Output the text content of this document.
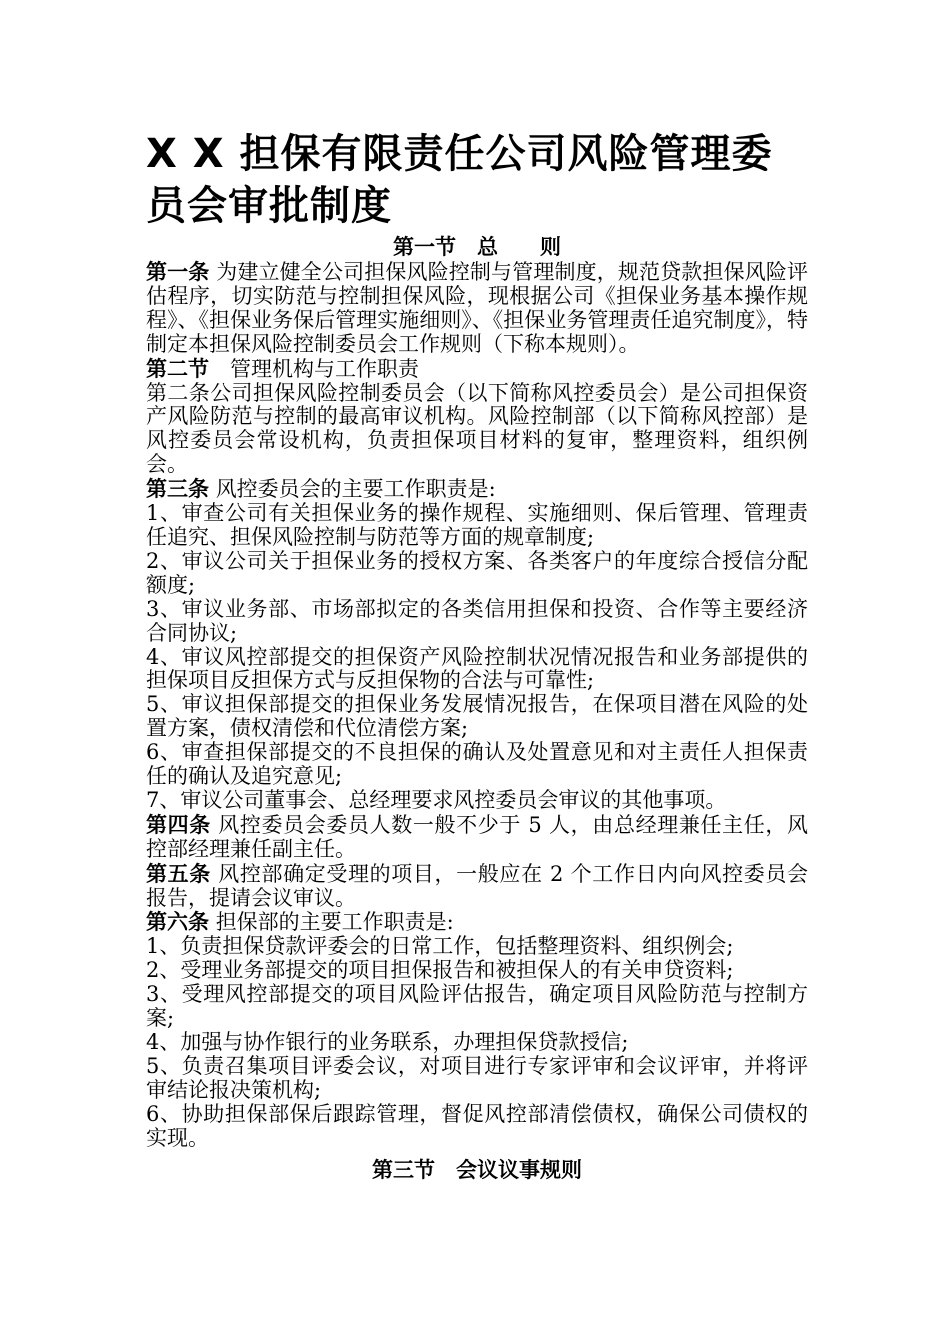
X X 担保有限责任公司风险管理委员会审批制度
第一节　总　　则

第一条 为建立健全公司担保风险控制与管理制度，规范贷款担保风险评估程序，切实防范与控制担保风险，现根据公司《担保业务基本操作规程》、《担保业务保后管理实施细则》、《担保业务管理责任追究制度》，特制定本担保风险控制委员会工作规则（下称本规则）。

第二节　 管理机构与工作职责

第二条公司担保风险控制委员会（以下简称风控委员会）是公司担保资产风险防范与控制的最高审议机构。风险控制部（以下简称风控部）是风控委员会常设机构，负责担保项目材料的复审，整理资料，组织例会。

第三条 风控委员会的主要工作职责是:

1、审查公司有关担保业务的操作规程、实施细则、保后管理、管理责任追究、担保风险控制与防范等方面的规章制度;

2、审议公司关于担保业务的授权方案、各类客户的年度综合授信分配额度;

3、审议业务部、市场部拟定的各类信用担保和投资、合作等主要经济合同协议;

4、审议风控部提交的担保资产风险控制状况情况报告和业务部提供的担保项目反担保方式与反担保物的合法与可靠性;

5、审议担保部提交的担保业务发展情况报告，在保项目潜在风险的处置方案，债权清偿和代位清偿方案;

6、审查担保部提交的不良担保的确认及处置意见和对主责任人担保责任的确认及追究意见;

7、审议公司董事会、总经理要求风控委员会审议的其他事项。

第四条 风控委员会委员人数一般不少于 5 人，由总经理兼任主任，风控部经理兼任副主任。

第五条 风控部确定受理的项目，一般应在 2 个工作日内向风控委员会报告，提请会议审议。

第六条 担保部的主要工作职责是:

1、负责担保贷款评委会的日常工作，包括整理资料、组织例会;

2、受理业务部提交的项目担保报告和被担保人的有关申贷资料;

3、受理风控部提交的项目风险评估报告，确定项目风险防范与控制方案;

4、加强与协作银行的业务联系，办理担保贷款授信;

5、负责召集项目评委会议，对项目进行专家评审和会议评审，并将评审结论报决策机构;

6、协助担保部保后跟踪管理，督促风控部清偿债权，确保公司债权的实现。

第三节　会议议事规则
